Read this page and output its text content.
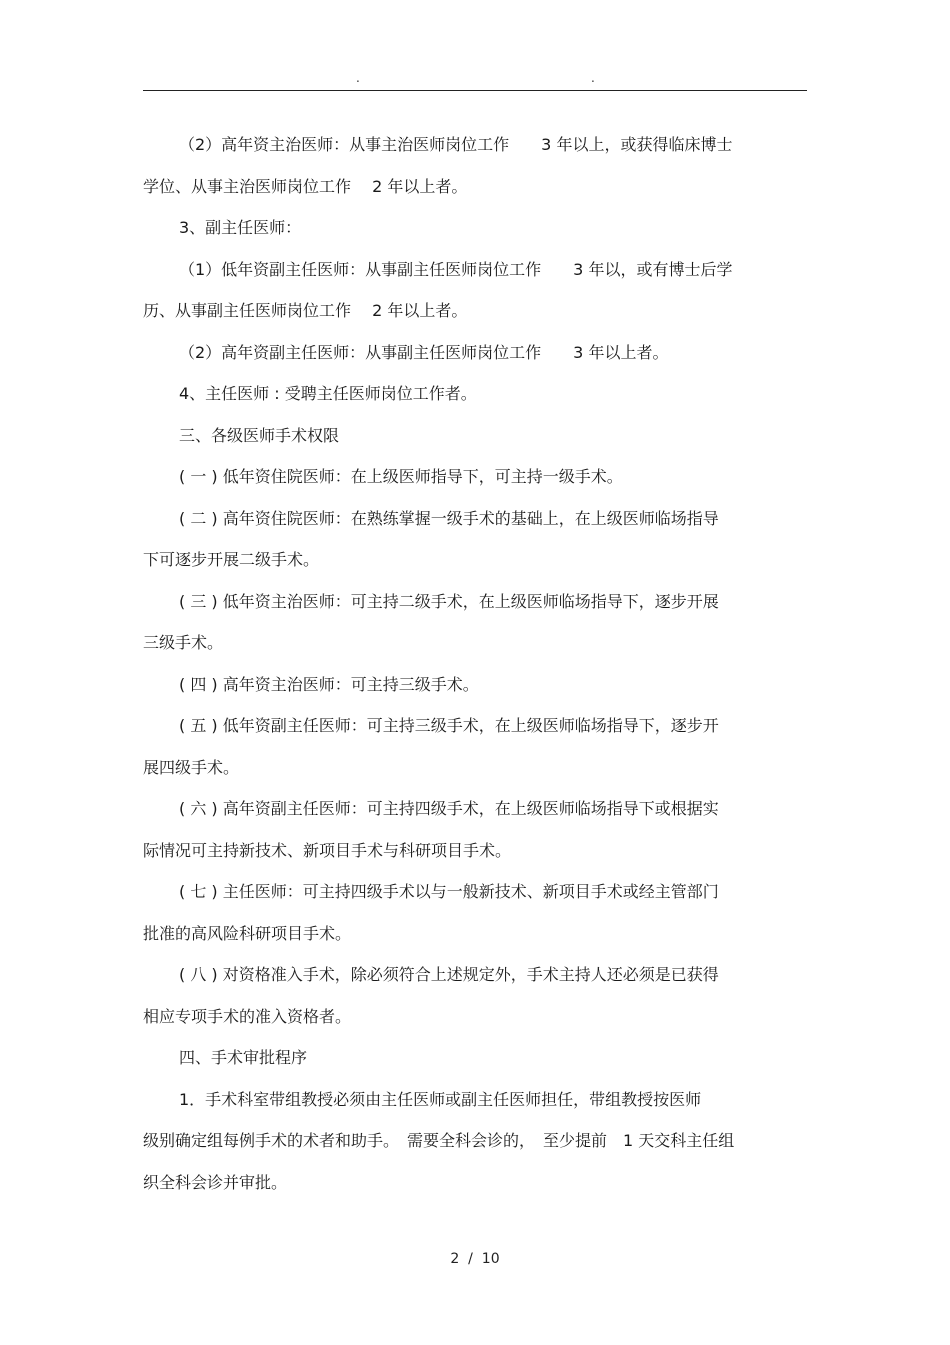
.	.
（2）高年资主治医师：从事主治医师岗位工作　　3 年以上，或获得临床博士
学位、从事主治医师岗位工作　 2 年以上者。
3、副主任医师：
（1）低年资副主任医师：从事副主任医师岗位工作　　3 年以，或有博士后学
历、从事副主任医师岗位工作　 2 年以上者。
（2）高年资副主任医师：从事副主任医师岗位工作　　3 年以上者。
4、主任医师 : 受聘主任医师岗位工作者。
三、各级医师手术权限
( 一 ) 低年资住院医师：在上级医师指导下，可主持一级手术。
( 二 ) 高年资住院医师：在熟练掌握一级手术的基础上，在上级医师临场指导
下可逐步开展二级手术。
( 三 ) 低年资主治医师：可主持二级手术，在上级医师临场指导下，逐步开展
三级手术。
( 四 ) 高年资主治医师：可主持三级手术。
( 五 ) 低年资副主任医师：可主持三级手术，在上级医师临场指导下，逐步开
展四级手术。
( 六 ) 高年资副主任医师：可主持四级手术，在上级医师临场指导下或根据实
际情况可主持新技术、新项目手术与科研项目手术。
( 七 ) 主任医师：可主持四级手术以与一般新技术、新项目手术或经主管部门
批准的高风险科研项目手术。
( 八 ) 对资格准入手术，除必须符合上述规定外，手术主持人还必须是已获得
相应专项手术的准入资格者。
四、手术审批程序
1．手术科室带组教授必须由主任医师或副主任医师担任，带组教授按医师
级别确定组每例手术的术者和助手。　需要全科会诊的，　至少提前　1 天交科主任组
织全科会诊并审批。
2  /  10
